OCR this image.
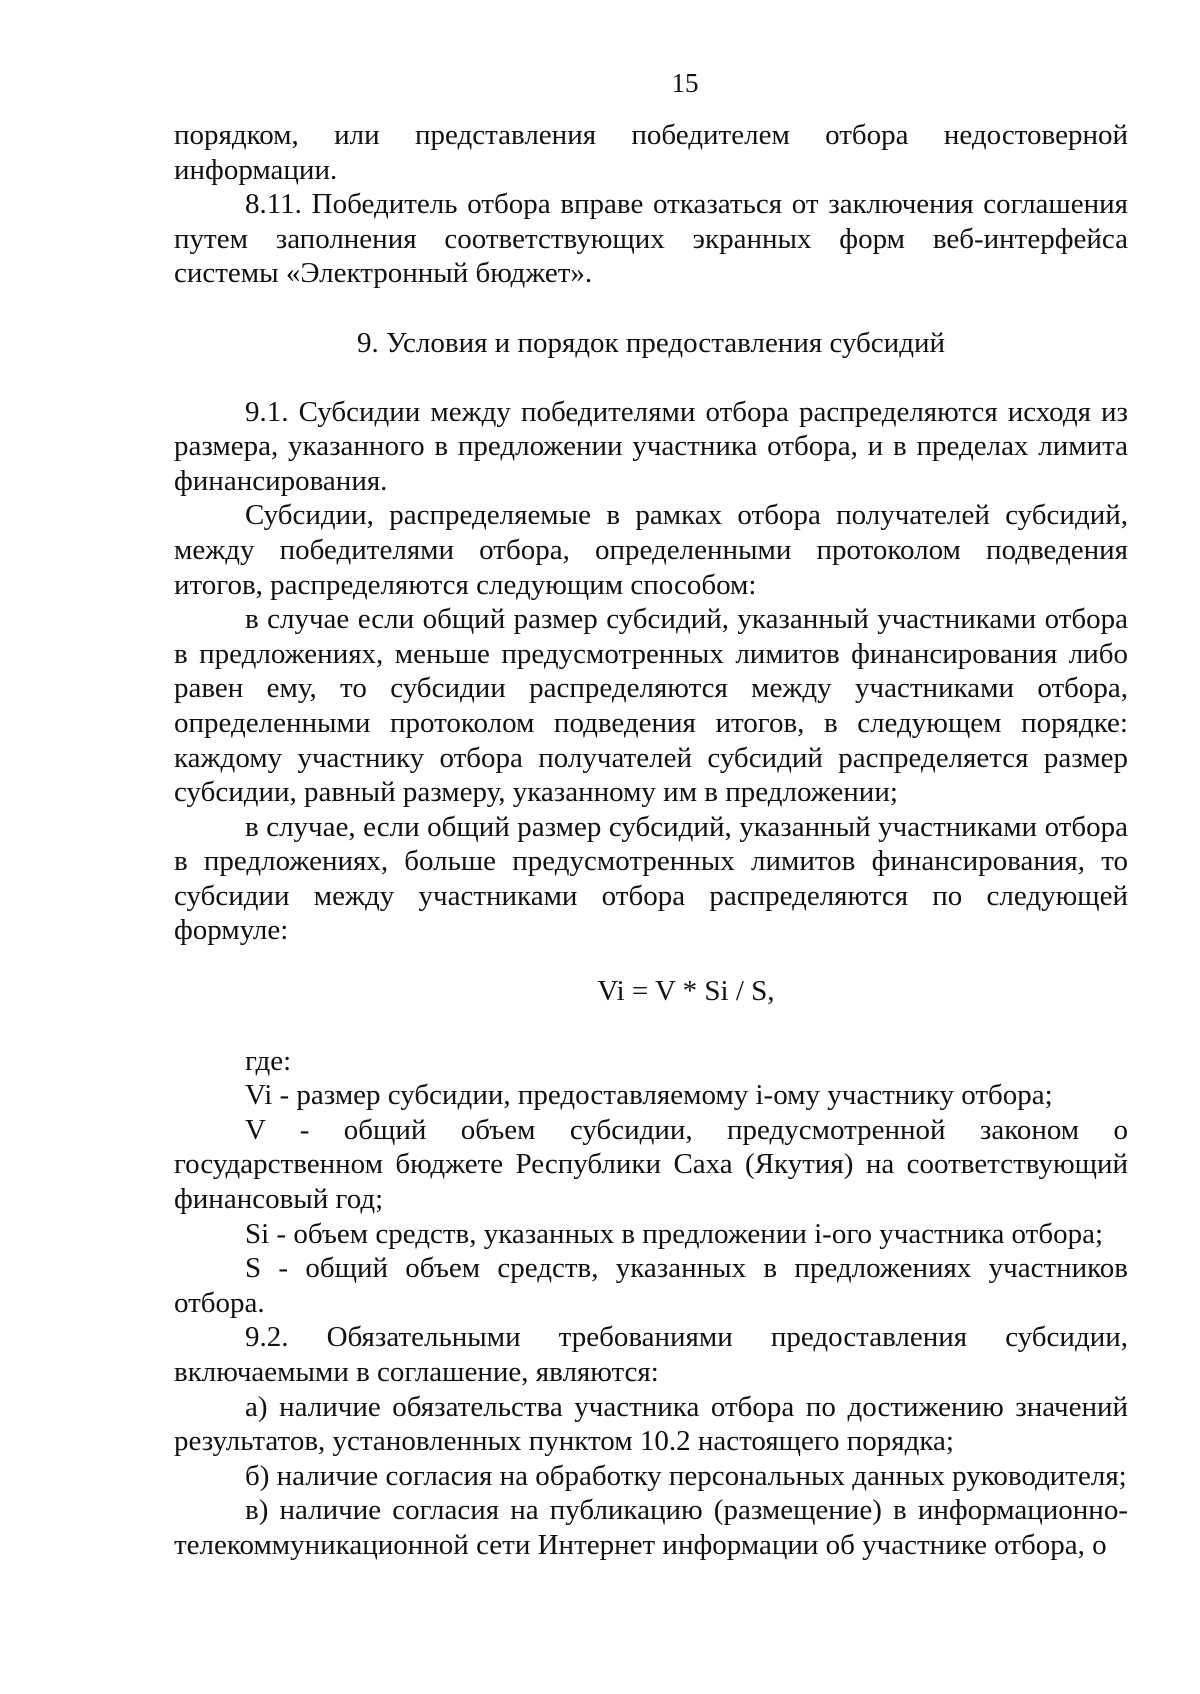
15

порядком, или представления победителем отбора недостоверной информации.

8.11. Победитель отбора вправе отказаться от заключения соглашения путем заполнения соответствующих экранных форм веб-интерфейса системы «Электронный бюджет».

9. Условия и порядок предоставления субсидий

9.1. Субсидии между победителями отбора распределяются исходя из размера, указанного в предложении участника отбора, и в пределах лимита финансирования.

Субсидии, распределяемые в рамках отбора получателей субсидий, между победителями отбора, определенными протоколом подведения итогов, распределяются следующим способом:

в случае если общий размер субсидий, указанный участниками отбора в предложениях, меньше предусмотренных лимитов финансирования либо равен ему, то субсидии распределяются между участниками отбора, определенными протоколом подведения итогов, в следующем порядке: каждому участнику отбора получателей субсидий распределяется размер субсидии, равный размеру, указанному им в предложении;

в случае, если общий размер субсидий, указанный участниками отбора в предложениях, больше предусмотренных лимитов финансирования, то субсидии между участниками отбора распределяются по следующей формуле:

Vi = V * Si / S,

где:

Vi - размер субсидии, предоставляемому i-ому участнику отбора;

V - общий объем субсидии, предусмотренной законом о государственном бюджете Республики Саха (Якутия) на соответствующий финансовый год;

Si - объем средств, указанных в предложении i-ого участника отбора;

S - общий объем средств, указанных в предложениях участников отбора.

9.2. Обязательными требованиями предоставления субсидии, включаемыми в соглашение, являются:

а) наличие обязательства участника отбора по достижению значений результатов, установленных пунктом 10.2 настоящего порядка;

б) наличие согласия на обработку персональных данных руководителя;

в) наличие согласия на публикацию (размещение) в информационно-телекоммуникационной сети Интернет информации об участнике отбора, о
